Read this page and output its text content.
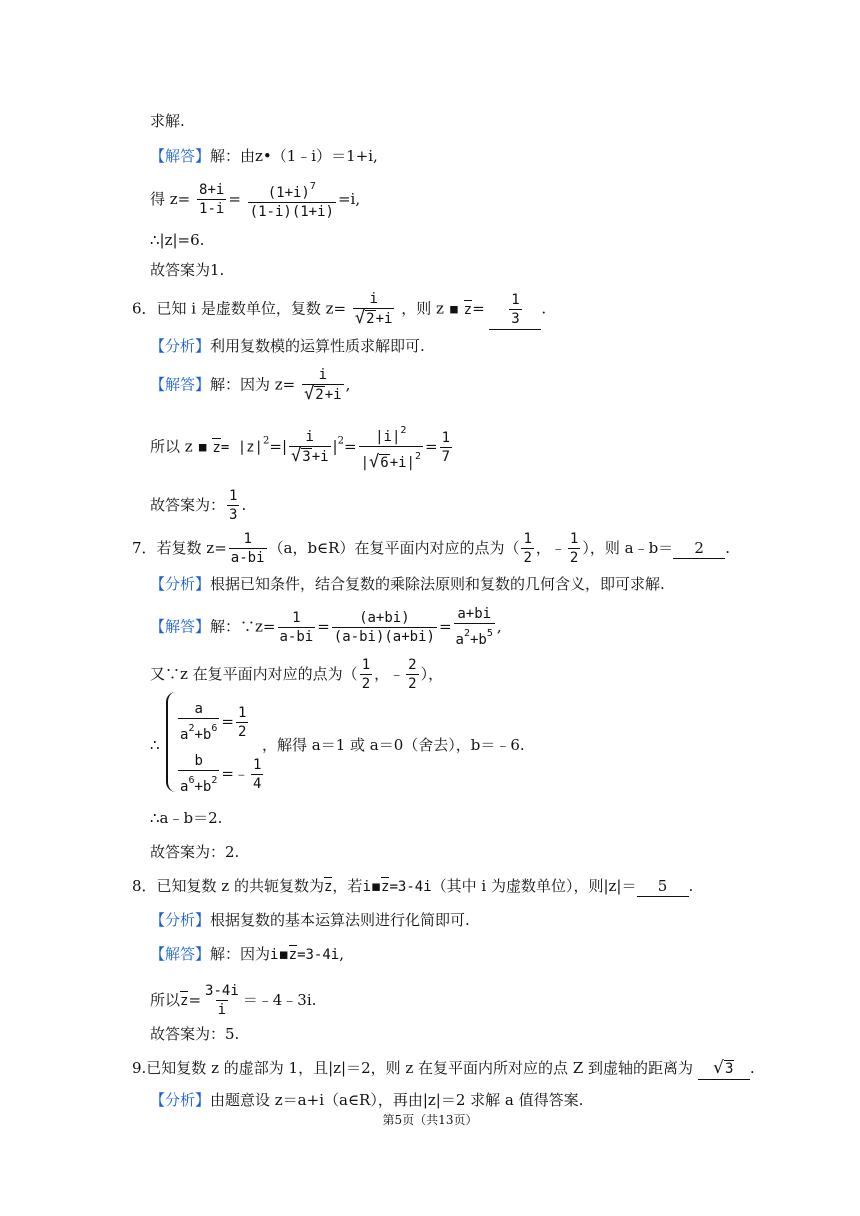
求解.
【解答】解：由z•（1﹣i）＝1+i,
得 $z= \frac{8+i}{1-i} = \frac{(1+i)^7}{(1-i)(1+i)} =i$,
∴|z|=6.
故答案为1.
6．已知 i 是虚数单位，复数 $z= \frac{i}{√2+i}$ ，则 z ▪ $z= \frac{1}{3}$ .
【分析】利用复数模的运算性质求解即可.
【解答】解：因为 $z= \frac{i}{√2+i}$ ,
所以 z ▪ $z= |z|^2=| \frac{i}{√3+i} |^2= \frac{|i|^2}{|√6+i|^2} = \frac{1}{7}$
故答案为： $\frac{1}{3}$ .
7．若复数 $z= \frac{1}{a-bi} (a$，b∈R）在复平面内对应的点为（ $\frac{1}{2}$ ，﹣ $\frac{1}{2}$ ），则 a﹣b＝ 2 .
【分析】根据已知条件，结合复数的乘除法原则和复数的几何含义，即可求解.
【解答】解：∵z= $\frac{1}{a-bi} = \frac{(a+bi)}{(a-bi)(a+bi)} = \frac{a+bi}{a^2+b^5}$ ,
又∵z 在复平面内对应的点为（ $\frac{1}{2}$ ，﹣ $\frac{2}{2}$ ），
∴ $\frac{a}{a^2+b^6} = \frac{1}{2}$
$\frac{b}{a^6+b^2}$ =﹣ $\frac{1}{4}$
，解得 a＝1 或 a＝0（舍去），b＝﹣6.
∴a﹣b＝2.
故答案为：2.
8．已知复数 z 的共轭复数为z，若i▪z=3-4i（其中 i 为虚数单位），则|z|＝ 5 .
【分析】根据复数的基本运算法则进行化简即可.
【解答】解：因为i▪z=3-4i,
所以$z= \frac{3-4i}{i}$ ＝﹣4﹣3i.
故答案为：5.
9.已知复数 z 的虚部为 1，且|z|＝2，则 z 在复平面内所对应的点 Z 到虚轴的距离为 √3 .
【分析】由题意设 z＝a+i（a∈R），再由|z|＝2 求解 a 值得答案.
第5页（共13页）
